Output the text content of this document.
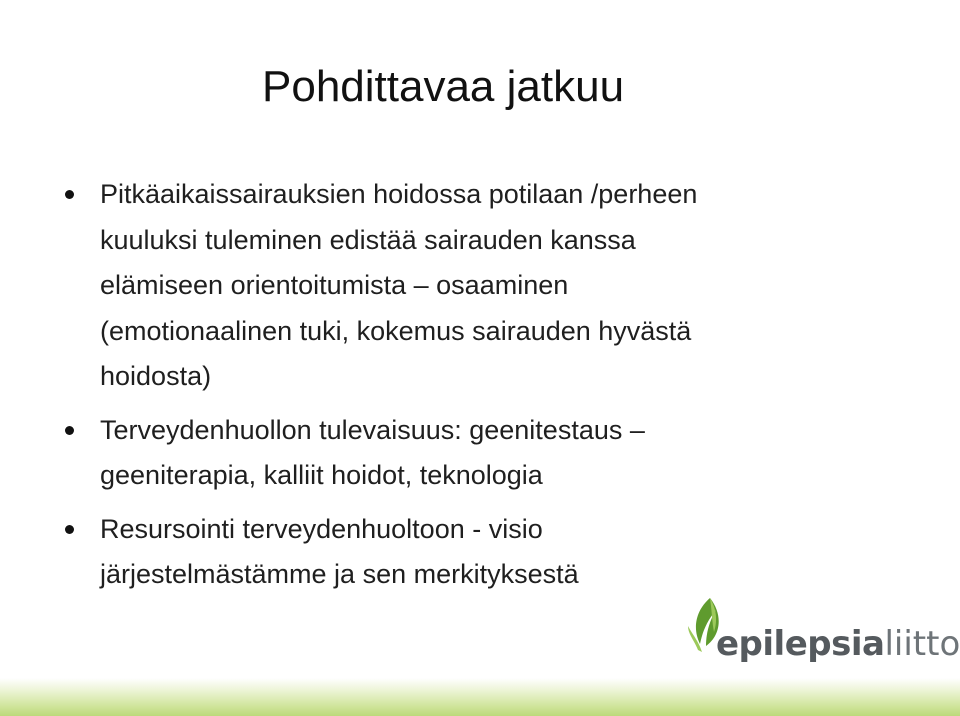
Pohdittavaa jatkuu
Pitkäaikaissairauksien hoidossa potilaan /perheen
kuuluksi tuleminen edistää sairauden kanssa
elämiseen orientoitumista – osaaminen
(emotionaalinen tuki, kokemus sairauden hyvästä
hoidosta)
Terveydenhuollon tulevaisuus: geenitestaus –
geeniterapia, kalliit hoidot, teknologia
Resursointi terveydenhuoltoon - visio
järjestelmästämme ja sen merkityksestä
epilepsialiitto
